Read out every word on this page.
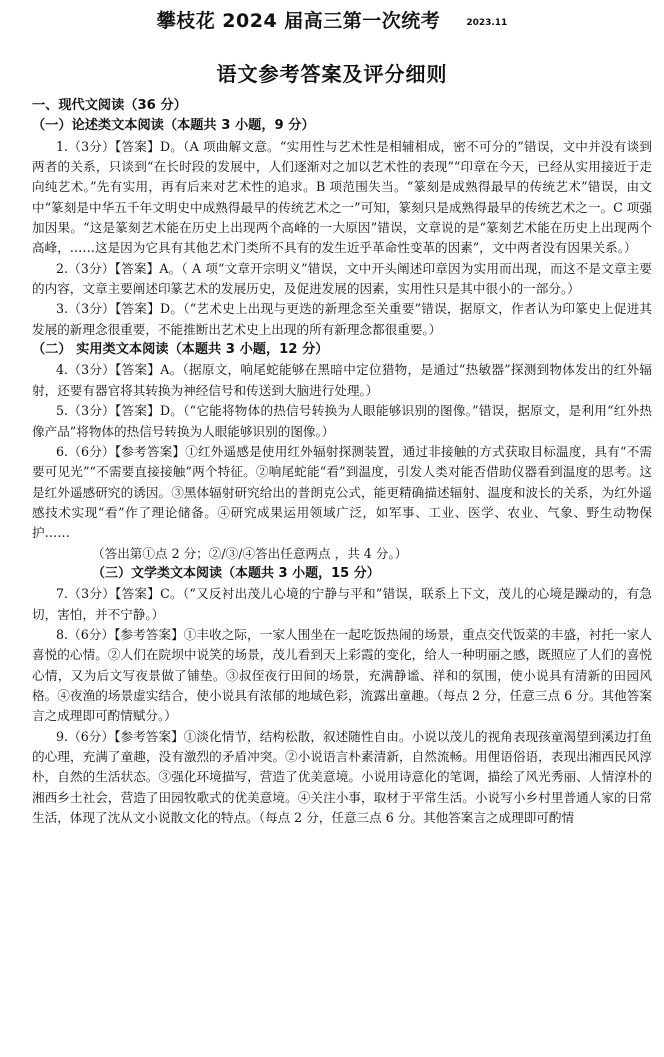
攀枝花 2024 届高三第一次统考	2023.11
语文参考答案及评分细则
一、现代文阅读（36 分）
（一）论述类文本阅读（本题共 3 小题，9 分）

1.（3分）【答案】D。（A 项曲解文意。“实用性与艺术性是相辅相成，密不可分的”错误，文中并没有谈到两者的关系，只谈到“在长时段的发展中，人们逐渐对之加以艺术性的表现”“印章在今天，已经从实用接近于走向纯艺术。”先有实用，再有后来对艺术性的追求。B 项范围失当。“篆刻是成熟得最早的传统艺术”错误，由文中“篆刻是中华五千年文明史中成熟得最早的传统艺术之一”可知，篆刻只是成熟得最早的传统艺术之一。C 项强加因果。“这是篆刻艺术能在历史上出现两个高峰的一大原因”错误，文章说的是“篆刻艺术能在历史上出现两个高峰，……这是因为它具有其他艺术门类所不具有的发生近乎革命性变革的因素”，文中两者没有因果关系。）

2.（3分）【答案】A。（ A 项“文章开宗明义”错误，文中开头阐述印章因为实用而出现，而这不是文章主要的内容，文章主要阐述印篆艺术的发展历史，及促进发展的因素，实用性只是其中很小的一部分。）

3.（3分）【答案】D。（“艺术史上出现与更迭的新理念至关重要”错误，据原文，作者认为印篆史上促进其发展的新理念很重要，不能推断出艺术史上出现的所有新理念都很重要。）

（二） 实用类文本阅读（本题共 3 小题，12 分）

4.（3分）【答案】A。（据原文，响尾蛇能够在黑暗中定位猎物，是通过“热敏器”探测到物体发出的红外辐射，还要有器官将其转换为神经信号和传送到大脑进行处理。）

5.（3分）【答案】D。（“它能将物体的热信号转换为人眼能够识别的图像。”错误，据原文，是利用“红外热像产品”将物体的热信号转换为人眼能够识别的图像。）

6.（6分）【参考答案】①红外遥感是使用红外辐射探测装置，通过非接触的方式获取目标温度，具有“不需要可见光”“不需要直接接触”两个特征。②响尾蛇能“看”到温度，引发人类对能否借助仪器看到温度的思考。这是红外遥感研究的诱因。③黑体辐射研究给出的普朗克公式，能更精确描述辐射、温度和波长的关系，为红外遥感技术实现“看”作了理论储备。④研究成果运用领域广泛，如军事、工业、医学、农业、气象、野生动物保护……

（答出第①点 2 分；②/③/④答出任意两点 ，共 4 分。）
（三）文学类文本阅读（本题共 3 小题，15 分）

7.（3分）【答案】C。（“又反衬出茂儿心境的宁静与平和”错误，联系上下文，茂儿的心境是躁动的，有急切，害怕，并不宁静。）

8.（6分）【参考答案】①丰收之际，一家人围坐在一起吃饭热闹的场景，重点交代饭菜的丰盛，衬托一家人喜悦的心情。②人们在院坝中说笑的场景，茂儿看到天上彩霞的变化，给人一种明丽之感，既照应了人们的喜悦心情，又为后文写夜景做了铺垫。③叔侄夜行田间的场景，充满静谧、祥和的氛围，使小说具有清新的田园风格。④夜渔的场景虚实结合，使小说具有浓郁的地域色彩，流露出童趣。（每点 2 分，任意三点 6 分。其他答案言之成理即可酌情赋分。）

9.（6分）【参考答案】①淡化情节，结构松散，叙述随性自由。小说以茂儿的视角表现孩童渴望到溪边打鱼的心理，充满了童趣，没有激烈的矛盾冲突。②小说语言朴素清新，自然流畅。用俚语俗语，表现出湘西民风淳朴，自然的生活状态。③强化环境描写，营造了优美意境。小说用诗意化的笔调，描绘了风光秀丽、人情淳朴的湘西乡土社会，营造了田园牧歌式的优美意境。④关注小事，取材于平常生活。小说写小乡村里普通人家的日常生活，体现了沈从文小说散文化的特点。（每点 2 分，任意三点 6 分。其他答案言之成理即可酌情
